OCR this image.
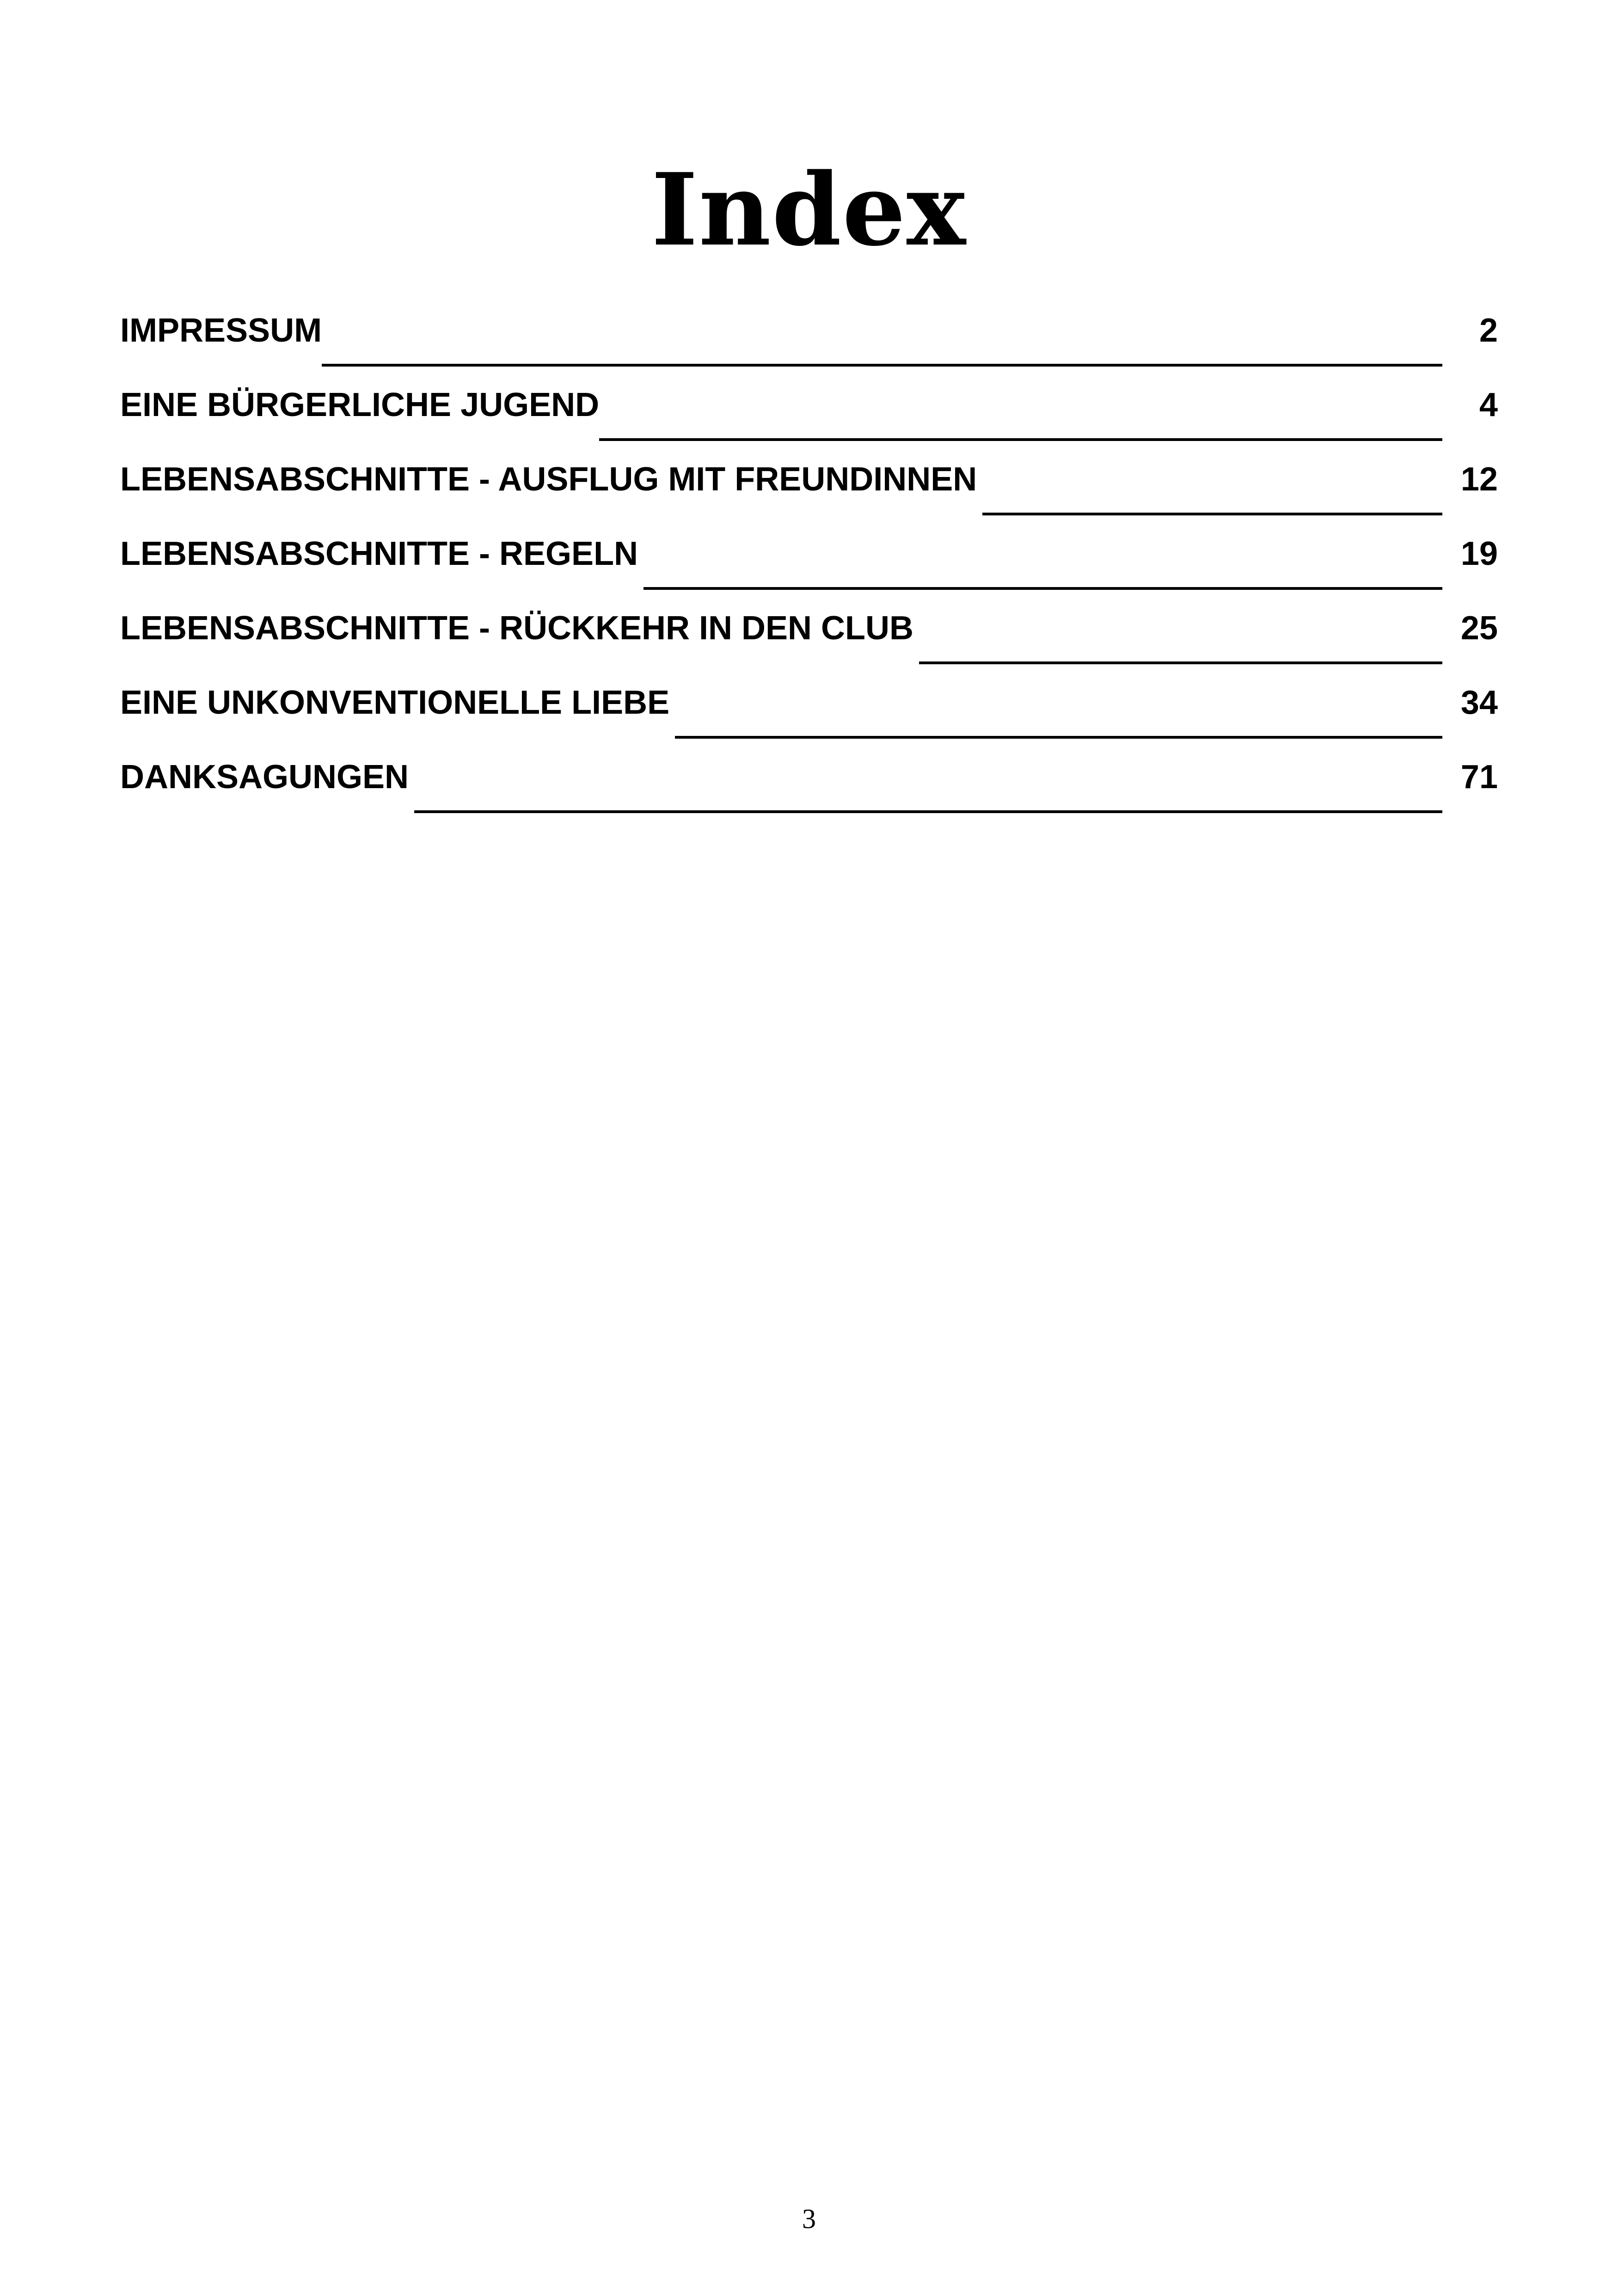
Index
IMPRESSUM	2
EINE BÜRGERLICHE JUGEND	4
LEBENSABSCHNITTE - AUSFLUG MIT FREUNDINNEN	12
LEBENSABSCHNITTE - REGELN	19
LEBENSABSCHNITTE - RÜCKKEHR IN DEN CLUB	25
EINE UNKONVENTIONELLE LIEBE	34
DANKSAGUNGEN	71
3
